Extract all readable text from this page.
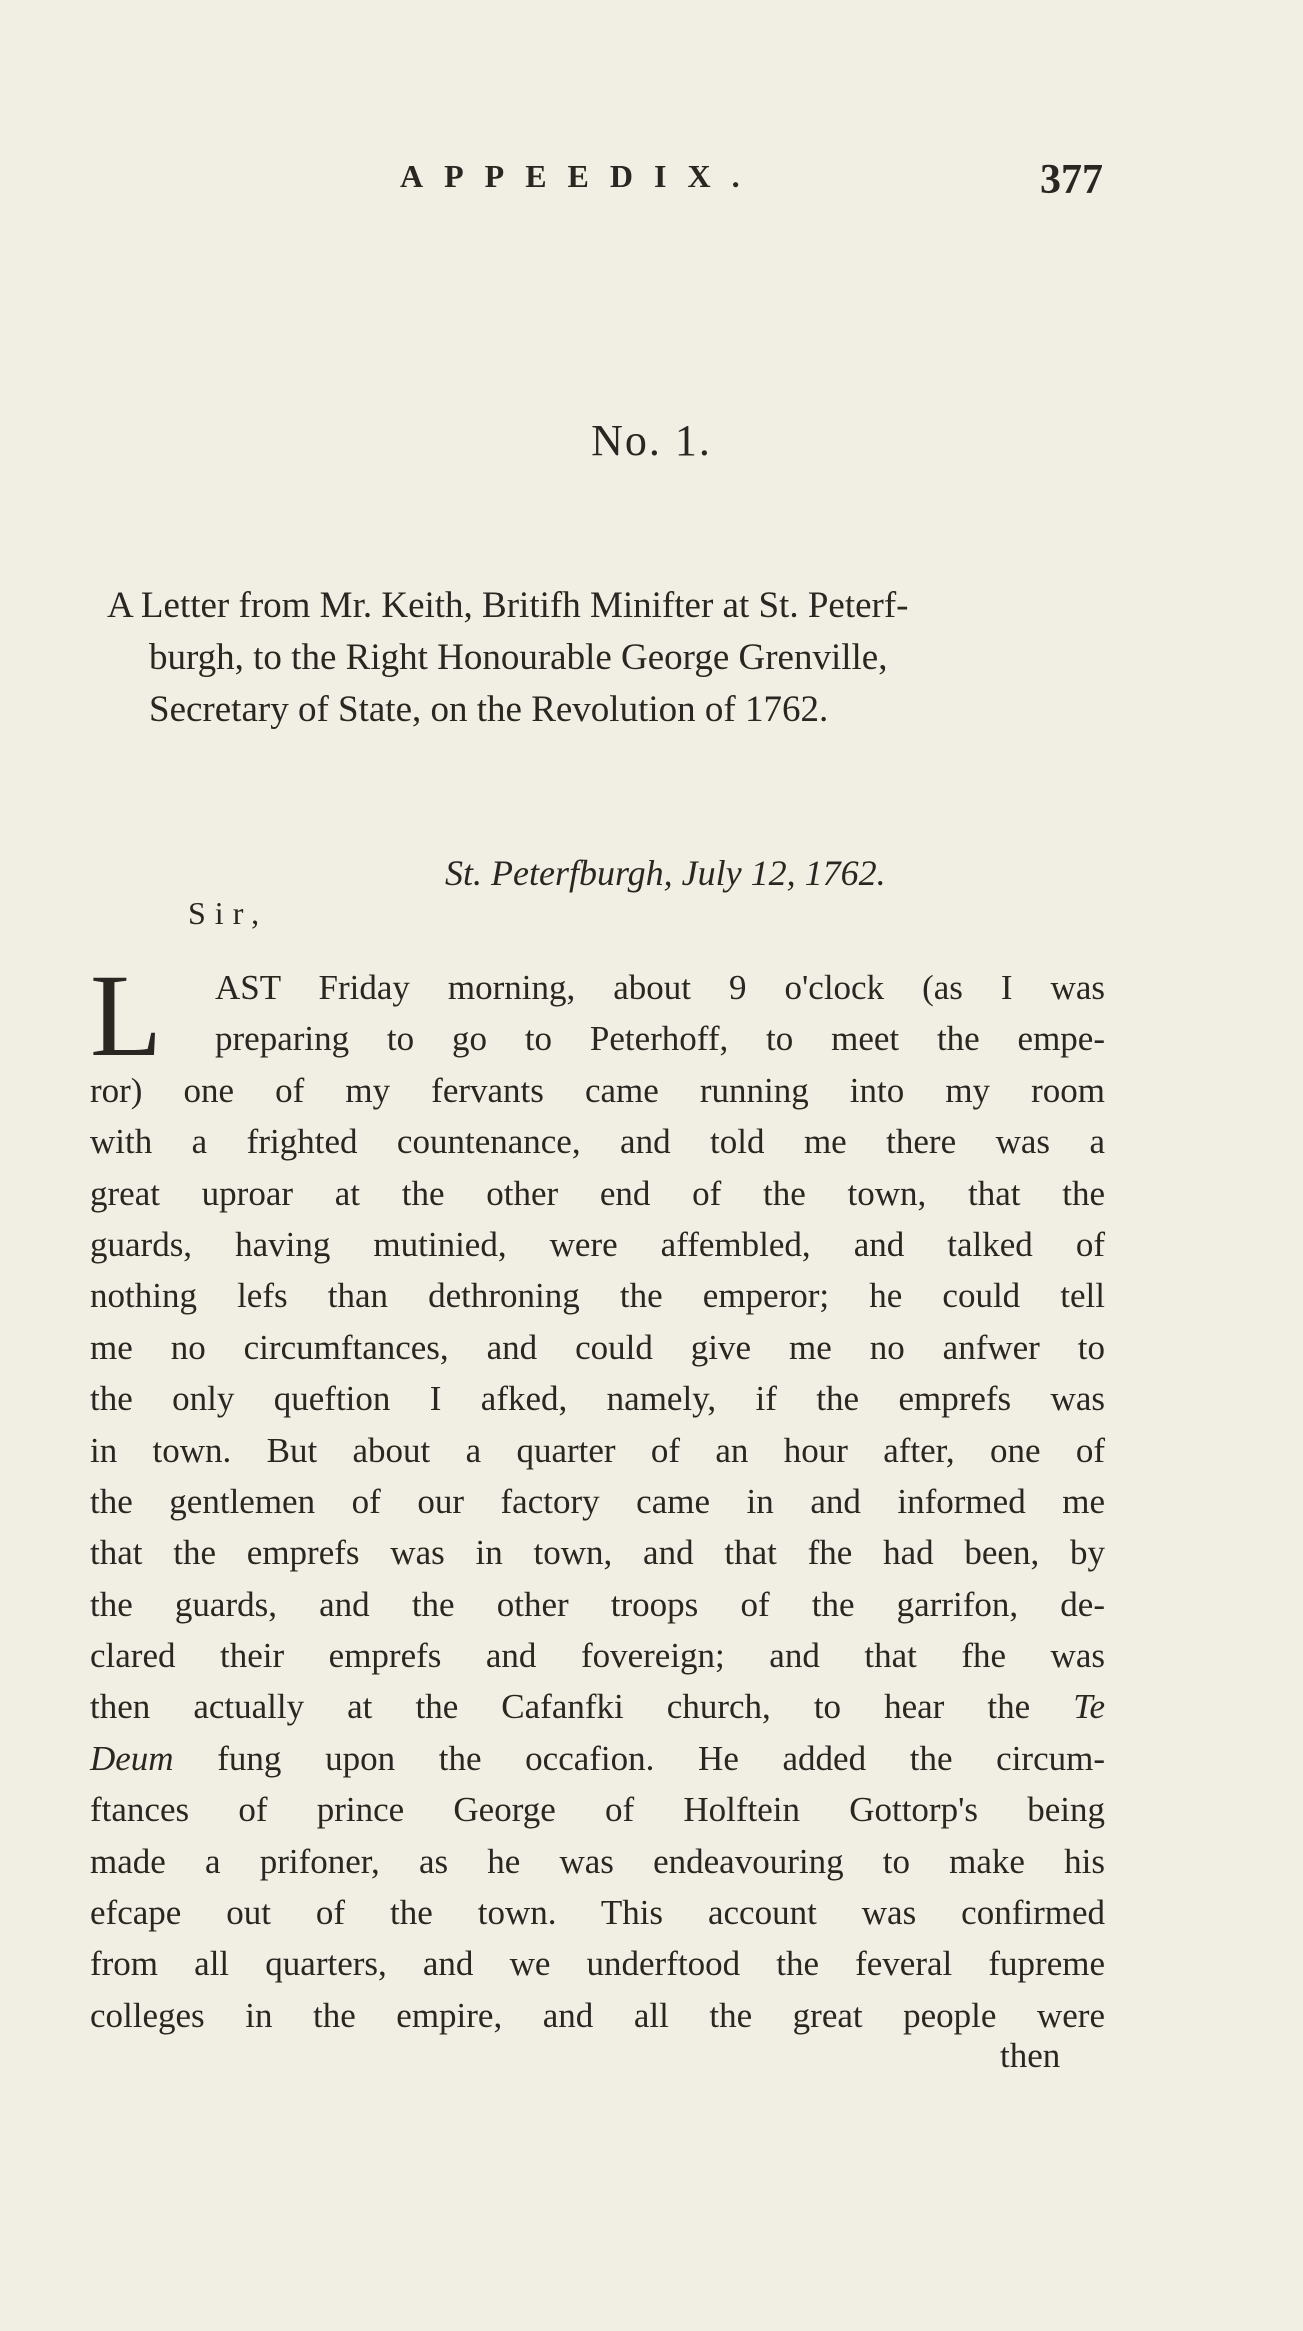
APPEEDIX.	377
No. 1.
A Letter from Mr. Keith, Britifh Minifter at St. Peterf-
burgh, to the Right Honourable George Grenville,
Secretary of State, on the Revolution of 1762.
St. Peterfburgh, July 12, 1762.
Sir,
L	AST Friday morning, about 9 o'clock (as I was
preparing to go to Peterhoff, to meet the empe-
ror) one of my fervants came running into my room
with a frighted countenance, and told me there was a
great uproar at the other end of the town, that the
guards, having mutinied, were affembled, and talked of
nothing lefs than dethroning the emperor; he could tell
me no circumftances, and could give me no anfwer to
the only queftion I afked, namely, if the emprefs was
in town. But about a quarter of an hour after, one of
the gentlemen of our factory came in and informed me
that the emprefs was in town, and that fhe had been, by
the guards, and the other troops of the garrifon, de-
clared their emprefs and fovereign; and that fhe was
then actually at the Cafanfki church, to hear the Te
Deum fung upon the occafion. He added the circum-
ftances of prince George of Holftein Gottorp's being
made a prifoner, as he was endeavouring to make his
efcape out of the town. This account was confirmed
from all quarters, and we underftood the feveral fupreme
colleges in the empire, and all the great people were
then
